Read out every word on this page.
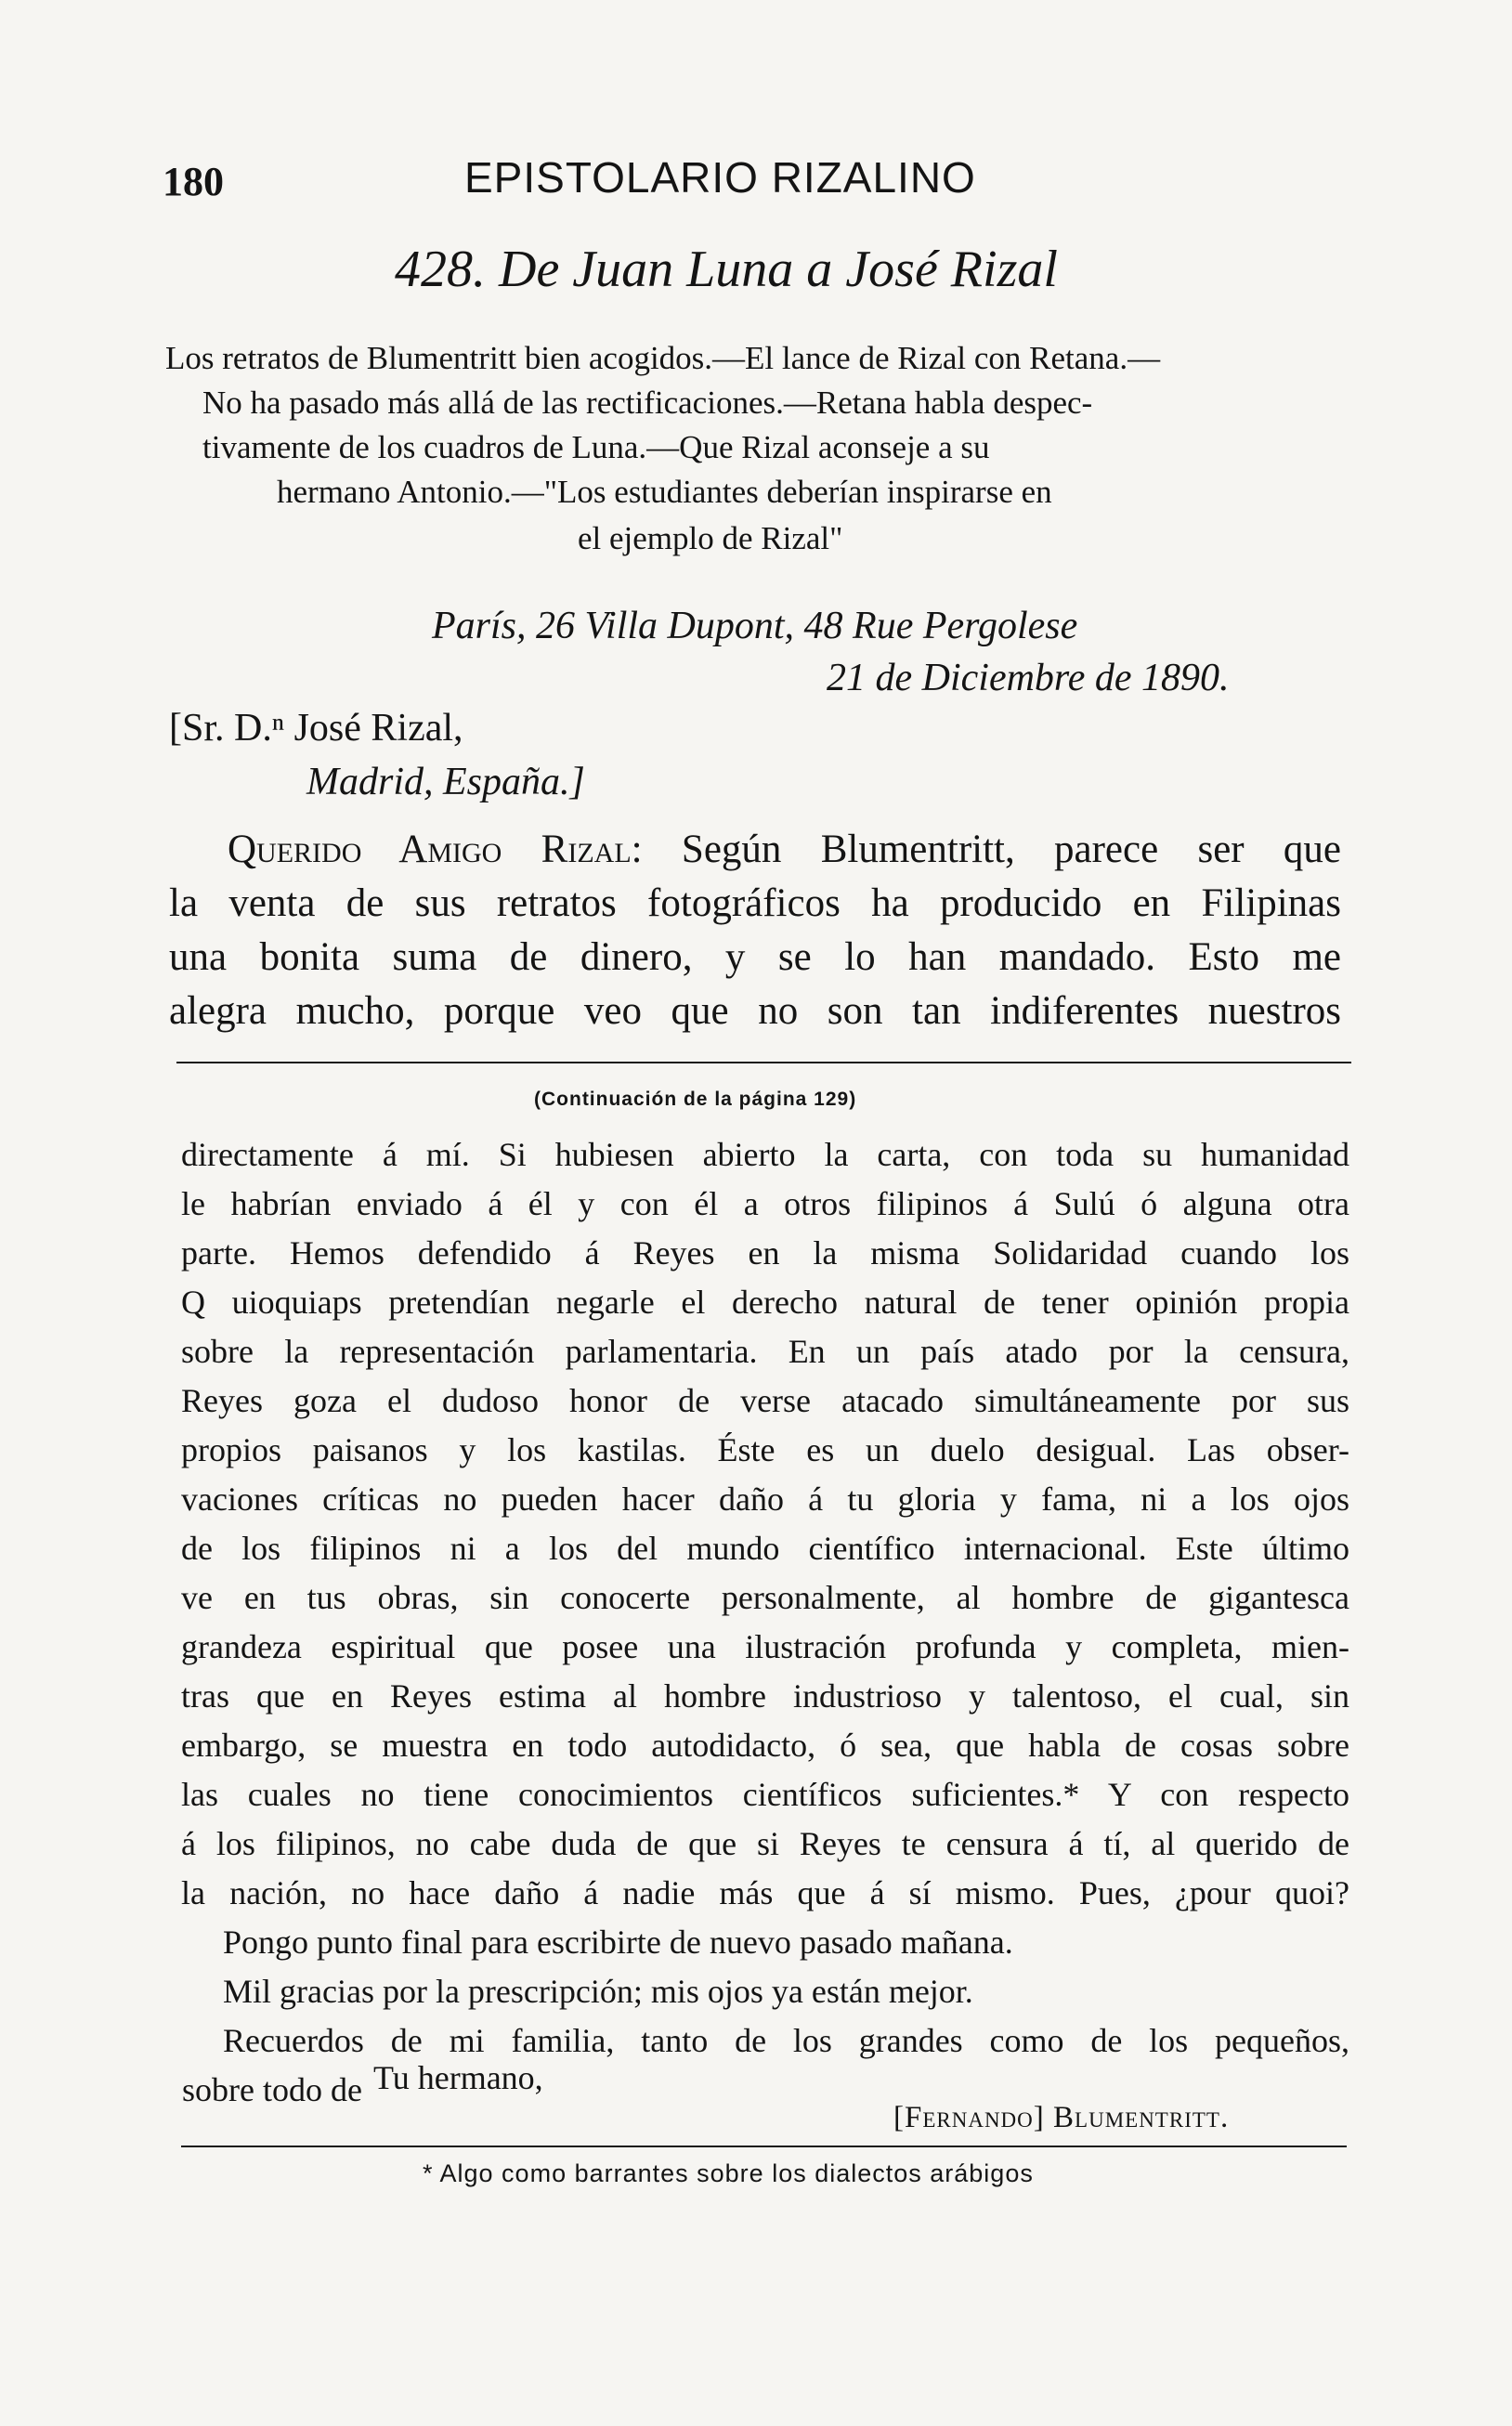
180	EPISTOLARIO RIZALINO
428. De Juan Luna a José Rizal
Los retratos de Blumentritt bien acogidos.—El lance de Rizal con Retana.—
No ha pasado más allá de las rectificaciones.—Retana habla despec-
tivamente de los cuadros de Luna.—Que Rizal aconseje a su
hermano Antonio.—"Los estudiantes deberían inspirarse en
el ejemplo de Rizal"
París, 26 Villa Dupont, 48 Rue Pergolese
21 de Diciembre de 1890.
[Sr. D.ⁿ José Rizal,
Madrid, España.]
Querido Amigo Rizal: Según Blumentritt, parece ser que
la venta de sus retratos fotográficos ha producido en Filipinas
una bonita suma de dinero, y se lo han mandado. Esto me
alegra mucho, porque veo que no son tan indiferentes nuestros
(Continuación de la página 129)
directamente á mí. Si hubiesen abierto la carta, con toda su humanidad
le habrían enviado á él y con él a otros filipinos á Sulú ó alguna otra
parte. Hemos defendido á Reyes en la misma Solidaridad cuando los
Q uioquiaps pretendían negarle el derecho natural de tener opinión propia
sobre la representación parlamentaria. En un país atado por la censura,
Reyes goza el dudoso honor de verse atacado simultáneamente por sus
propios paisanos y los kastilas. Éste es un duelo desigual. Las obser-
vaciones críticas no pueden hacer daño á tu gloria y fama, ni a los ojos
de los filipinos ni a los del mundo científico internacional. Este último
ve en tus obras, sin conocerte personalmente, al hombre de gigantesca
grandeza espiritual que posee una ilustración profunda y completa, mien-
tras que en Reyes estima al hombre industrioso y talentoso, el cual, sin
embargo, se muestra en todo autodidacto, ó sea, que habla de cosas sobre
las cuales no tiene conocimientos científicos suficientes.* Y con respecto
á los filipinos, no cabe duda de que si Reyes te censura á tí, al querido de
la nación, no hace daño á nadie más que á sí mismo. Pues, ¿pour quoi?
Pongo punto final para escribirte de nuevo pasado mañana.
Mil gracias por la prescripción; mis ojos ya están mejor.
Recuerdos de mi familia, tanto de los grandes como de los pequeños,
Tu hermano,
[Fernando] Blumentritt.
* Algo como barrantes sobre los dialectos arábigos
sobre todo de
